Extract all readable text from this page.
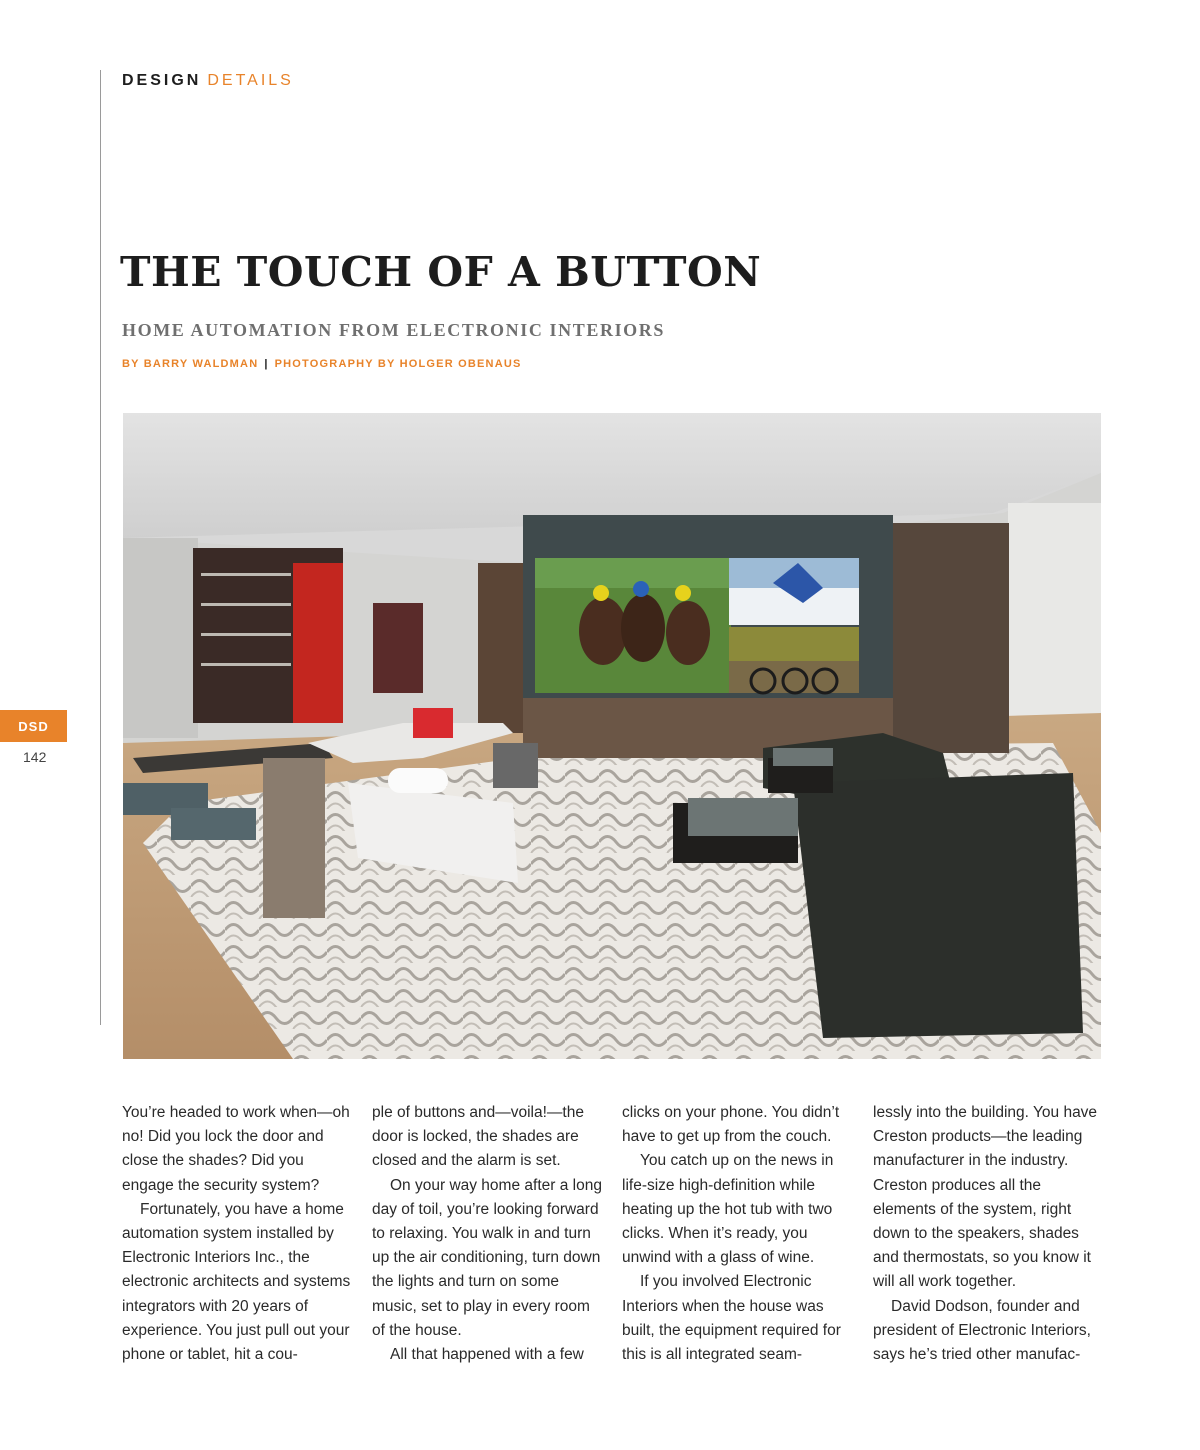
DESIGN DETAILS
THE TOUCH OF A BUTTON
HOME AUTOMATION FROM ELECTRONIC INTERIORS
BY BARRY WALDMAN | PHOTOGRAPHY BY HOLGER OBENAUS
DSD
142

You’re headed to work when—oh no! Did you lock the door and close the shades? Did you engage the security system?

Fortunately, you have a home automation system installed by Electronic Interiors Inc., the electronic architects and systems integrators with 20 years of experience. You just pull out your phone or tablet, hit a cou-

ple of buttons and—voila!—the door is locked, the shades are closed and the alarm is set.

On your way home after a long day of toil, you’re looking forward to relaxing. You walk in and turn up the air conditioning, turn down the lights and turn on some music, set to play in every room of the house.

All that happened with a few

clicks on your phone. You didn’t have to get up from the couch.

You catch up on the news in life-size high-definition while heating up the hot tub with two clicks. When it’s ready, you unwind with a glass of wine.

If you involved Electronic Interiors when the house was built, the equipment required for this is all integrated seam-

lessly into the building. You have Creston products—the leading manufacturer in the industry. Creston produces all the elements of the system, right down to the speakers, shades and thermostats, so you know it will all work together.

David Dodson, founder and president of Electronic Interiors, says he’s tried other manufac-
